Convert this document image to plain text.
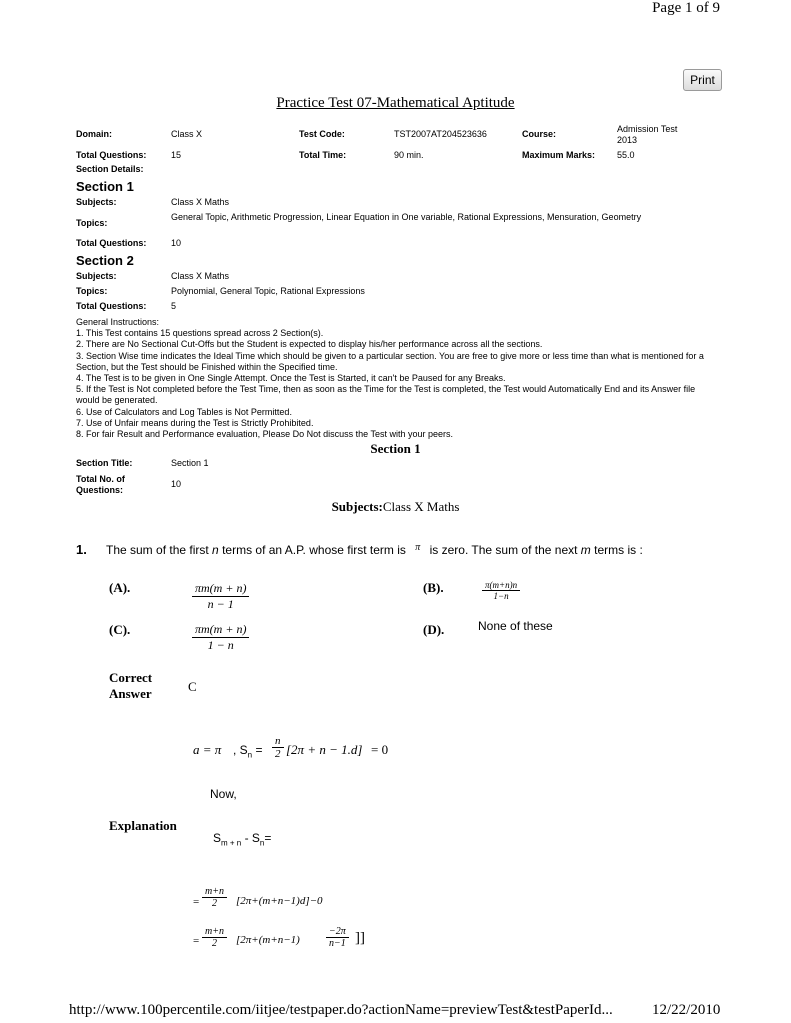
Page 1 of 9
Print
Practice Test 07-Mathematical Aptitude
Domain:	Class X	Test Code:	TST2007AT204523636	Course:	Admission Test
2013
Total Questions:	15	Total Time:	90 min.	Maximum Marks: 55.0
Section Details:
Section 1
Subjects:	Class X Maths
Topics:
General Topic, Arithmetic Progression, Linear Equation in One variable, Rational Expressions, Mensuration, Geometry
Total Questions:	10
Section 2
Subjects:	Class X Maths
Topics:	Polynomial, General Topic, Rational Expressions
Total Questions:	5
General Instructions:
1. This Test contains 15 questions spread across 2 Section(s).
2. There are No Sectional Cut-Offs but the Student is expected to display his/her performance across all the sections.
3. Section Wise time indicates the Ideal Time which should be given to a particular section. You are free to give more or less time than what is mentioned for a Section, but the Test should be Finished within the Specified time.
4. The Test is to be given in One Single Attempt. Once the Test is Started, it can't be Paused for any Breaks.
5. If the Test is Not completed before the Test Time, then as soon as the Time for the Test is completed, the Test would Automatically End and its Answer file would be generated.
6. Use of Calculators and Log Tables is Not Permitted.
7. Use of Unfair means during the Test is Strictly Prohibited.
8. For fair Result and Performance evaluation, Please Do Not discuss the Test with your peers.
Section 1
Section Title:	Section 1
Total No. of
Questions:
10
Subjects:Class X Maths
1. The sum of the first n terms of an A.P. whose first term is $^\pi$ is zero. The sum of the next m terms is :
(A).	$\frac{\pi m(m + n)}{n - 1}$	(B).	$\frac{\pi(m+n)n}{1-n}$
(C).	$\frac{\pi m(m + n)}{1 - n}$	(D).	None of these
Correct
Answer	C
Explanation
a = π , $S_n = \frac{n}{2} [2\pi + n - 1.d] = 0$
Now,
$S_{m + n} - S_n=$
= $\frac{m+n}{2} [2\pi+(m+n-1)d]-0$
= $\frac{m+n}{2} [2\pi+(m+n-1)$	$\frac{-2\pi}{n-1}$ ]]
http://www.100percentile.com/iitjee/testpaper.do?actionName=previewTest&testPaperId...	12/22/2010
